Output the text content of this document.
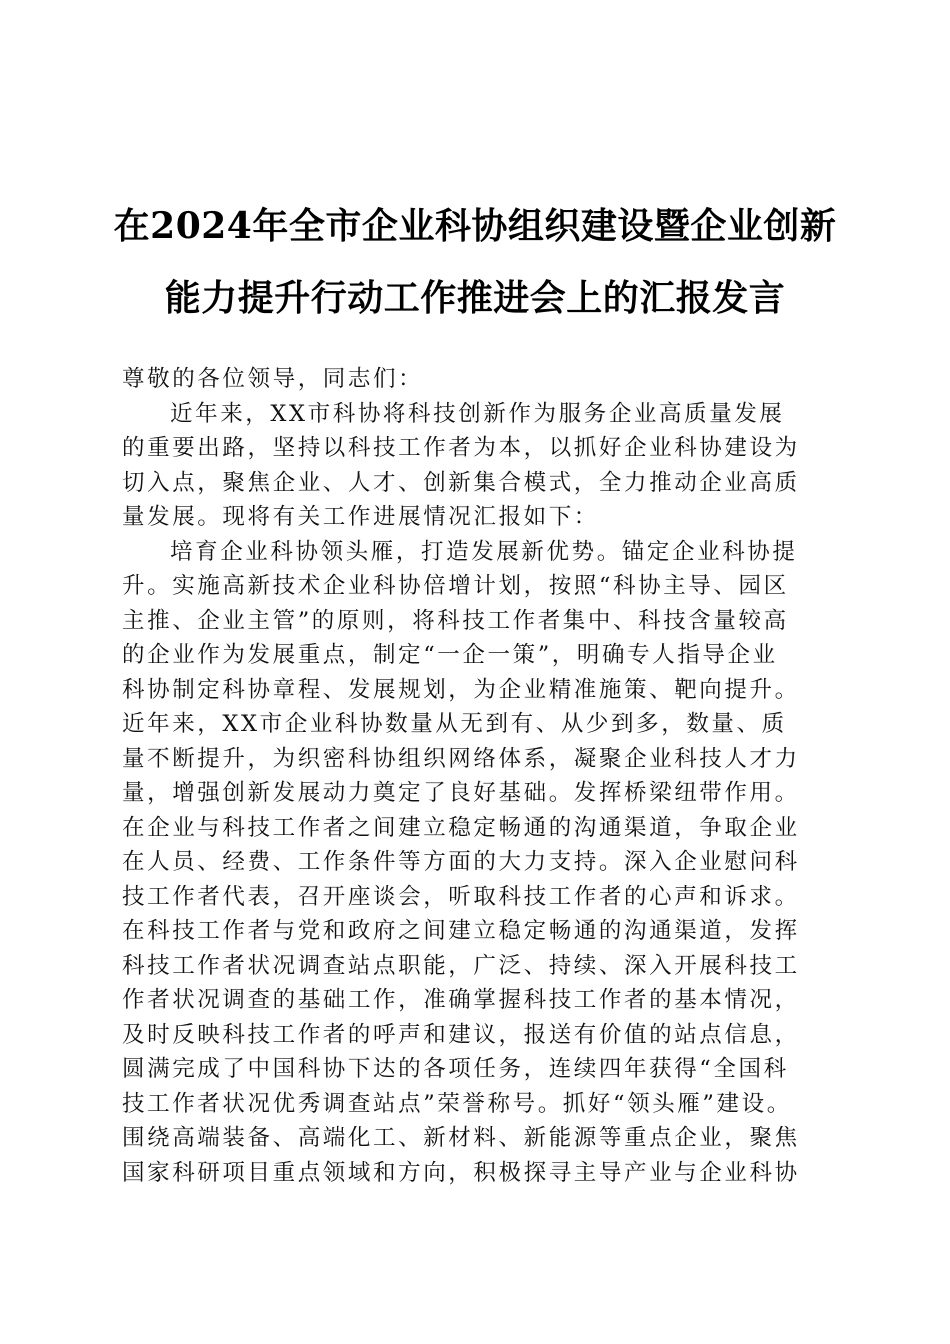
在2024年全市企业科协组织建设暨企业创新
能力提升行动工作推进会上的汇报发言

尊敬的各位领导，同志们：

近年来，XX市科协将科技创新作为服务企业高质量发展
的重要出路，坚持以科技工作者为本，以抓好企业科协建设为
切入点，聚焦企业、人才、创新集合模式，全力推动企业高质
量发展。现将有关工作进展情况汇报如下：

培育企业科协领头雁，打造发展新优势。锚定企业科协提
升。实施高新技术企业科协倍增计划，按照“科协主导、园区
主推、企业主管”的原则，将科技工作者集中、科技含量较高
的企业作为发展重点，制定“一企一策”，明确专人指导企业
科协制定科协章程、发展规划，为企业精准施策、靶向提升。
近年来，XX市企业科协数量从无到有、从少到多，数量、质
量不断提升，为织密科协组织网络体系，凝聚企业科技人才力
量，增强创新发展动力奠定了良好基础。发挥桥梁纽带作用。
在企业与科技工作者之间建立稳定畅通的沟通渠道，争取企业
在人员、经费、工作条件等方面的大力支持。深入企业慰问科
技工作者代表，召开座谈会，听取科技工作者的心声和诉求。
在科技工作者与党和政府之间建立稳定畅通的沟通渠道，发挥
科技工作者状况调查站点职能，广泛、持续、深入开展科技工
作者状况调查的基础工作，准确掌握科技工作者的基本情况，
及时反映科技工作者的呼声和建议，报送有价值的站点信息，
圆满完成了中国科协下达的各项任务，连续四年获得“全国科
技工作者状况优秀调查站点”荣誉称号。抓好“领头雁”建设。
围绕高端装备、高端化工、新材料、新能源等重点企业，聚焦
国家科研项目重点领域和方向，积极探寻主导产业与企业科协
